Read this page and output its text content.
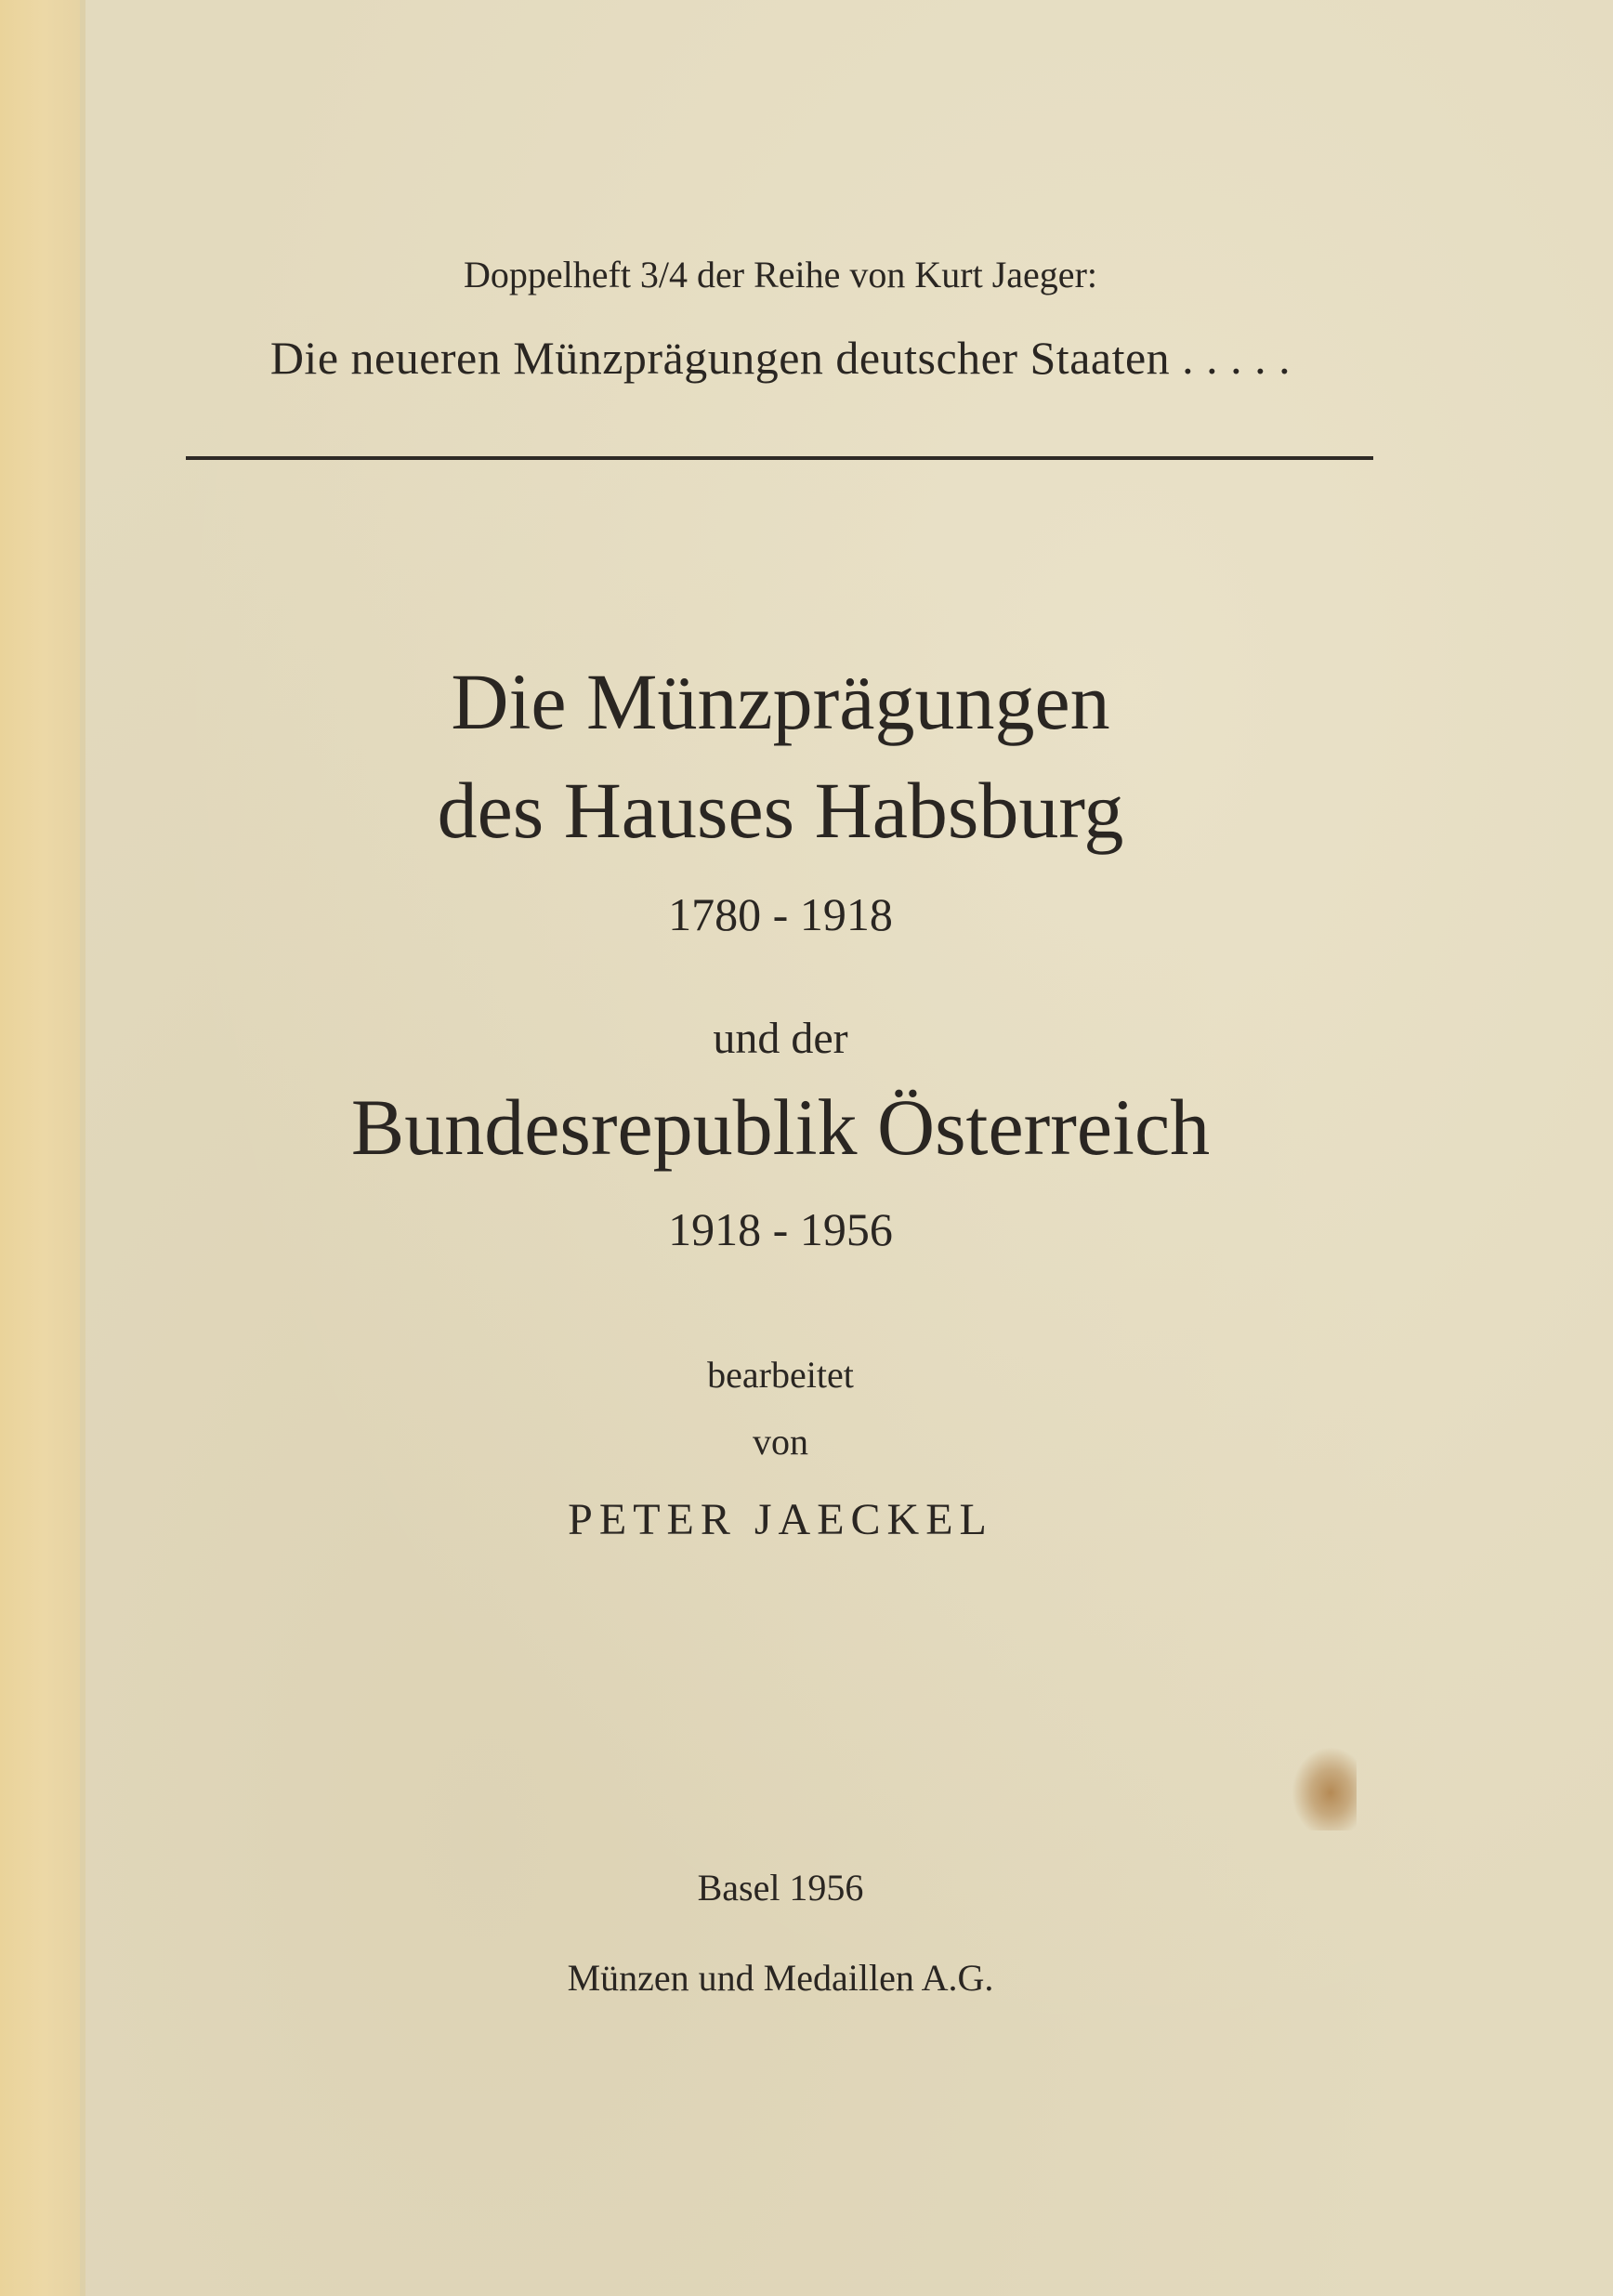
Doppelheft 3/4 der Reihe von Kurt Jaeger:
Die neueren Münzprägungen deutscher Staaten . . . . .
Die Münzprägungen
des Hauses Habsburg
1780 - 1918
und der
Bundesrepublik Österreich
1918 - 1956
bearbeitet
von
PETER JAECKEL
Basel 1956
Münzen und Medaillen A.G.
